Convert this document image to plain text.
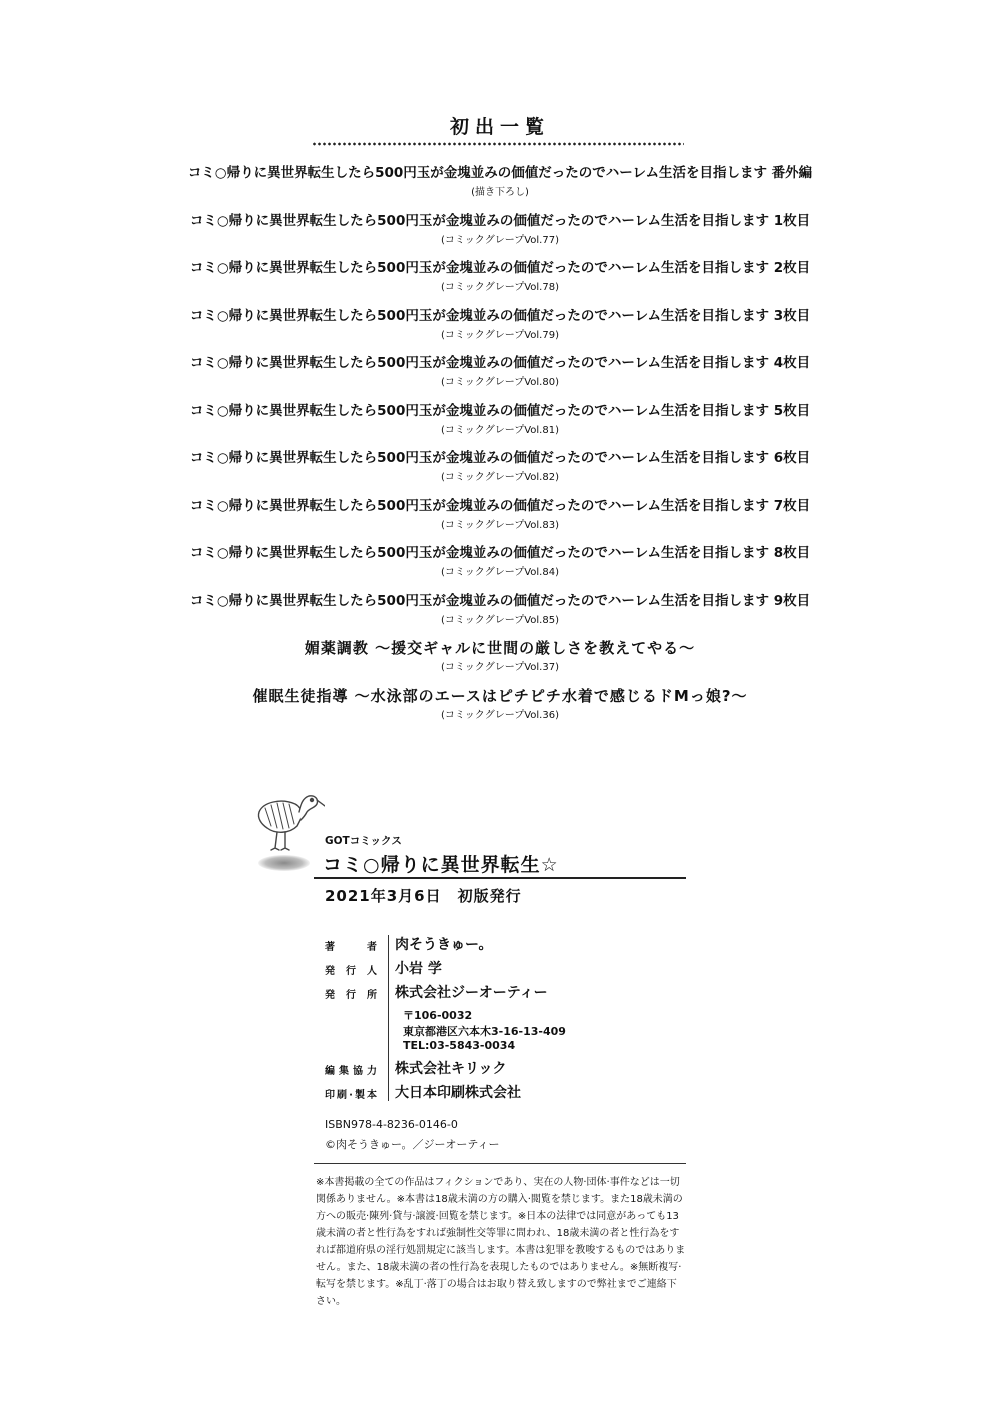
初出一覧
コミ○帰りに異世界転生したら500円玉が金塊並みの価値だったのでハーレム生活を目指します 番外編
(描き下ろし)
コミ○帰りに異世界転生したら500円玉が金塊並みの価値だったのでハーレム生活を目指します 1枚目
(コミックグレープVol.77)
コミ○帰りに異世界転生したら500円玉が金塊並みの価値だったのでハーレム生活を目指します 2枚目
(コミックグレープVol.78)
コミ○帰りに異世界転生したら500円玉が金塊並みの価値だったのでハーレム生活を目指します 3枚目
(コミックグレープVol.79)
コミ○帰りに異世界転生したら500円玉が金塊並みの価値だったのでハーレム生活を目指します 4枚目
(コミックグレープVol.80)
コミ○帰りに異世界転生したら500円玉が金塊並みの価値だったのでハーレム生活を目指します 5枚目
(コミックグレープVol.81)
コミ○帰りに異世界転生したら500円玉が金塊並みの価値だったのでハーレム生活を目指します 6枚目
(コミックグレープVol.82)
コミ○帰りに異世界転生したら500円玉が金塊並みの価値だったのでハーレム生活を目指します 7枚目
(コミックグレープVol.83)
コミ○帰りに異世界転生したら500円玉が金塊並みの価値だったのでハーレム生活を目指します 8枚目
(コミックグレープVol.84)
コミ○帰りに異世界転生したら500円玉が金塊並みの価値だったのでハーレム生活を目指します 9枚目
(コミックグレープVol.85)
媚薬調教 ～援交ギャルに世間の厳しさを教えてやる～
(コミックグレープVol.37)
催眠生徒指導 ～水泳部のエースはピチピチ水着で感じるドMっ娘?～
(コミックグレープVol.36)
GOTコミックス
コミ○帰りに異世界転生☆
2021年3月6日　初版発行
著者 肉そうきゅー。
発行人 小岩 学
発行所 株式会社ジーオーティー
〒106-0032
東京都港区六本木3-16-13-409
TEL:03-5843-0034
編集協力 株式会社キリック
印刷·製本 大日本印刷株式会社
ISBN978-4-8236-0146-0
©肉そうきゅー。／ジーオーティー
※本書掲載の全ての作品はフィクションであり、実在の人物·団体·事件などは一切関係ありません。※本書は18歳未満の方の購入·閲覧を禁じます。また18歳未満の方への販売·陳列·貸与·譲渡·回覧を禁じます。※日本の法律では同意があっても13歳未満の者と性行為をすれば強制性交等罪に問われ、18歳未満の者と性行為をすれば都道府県の淫行処罰規定に該当します。本書は犯罪を教唆するものではありません。また、18歳未満の者の性行為を表現したものではありません。※無断複写·転写を禁じます。※乱丁·落丁の場合はお取り替え致しますので弊社までご連絡下さい。
